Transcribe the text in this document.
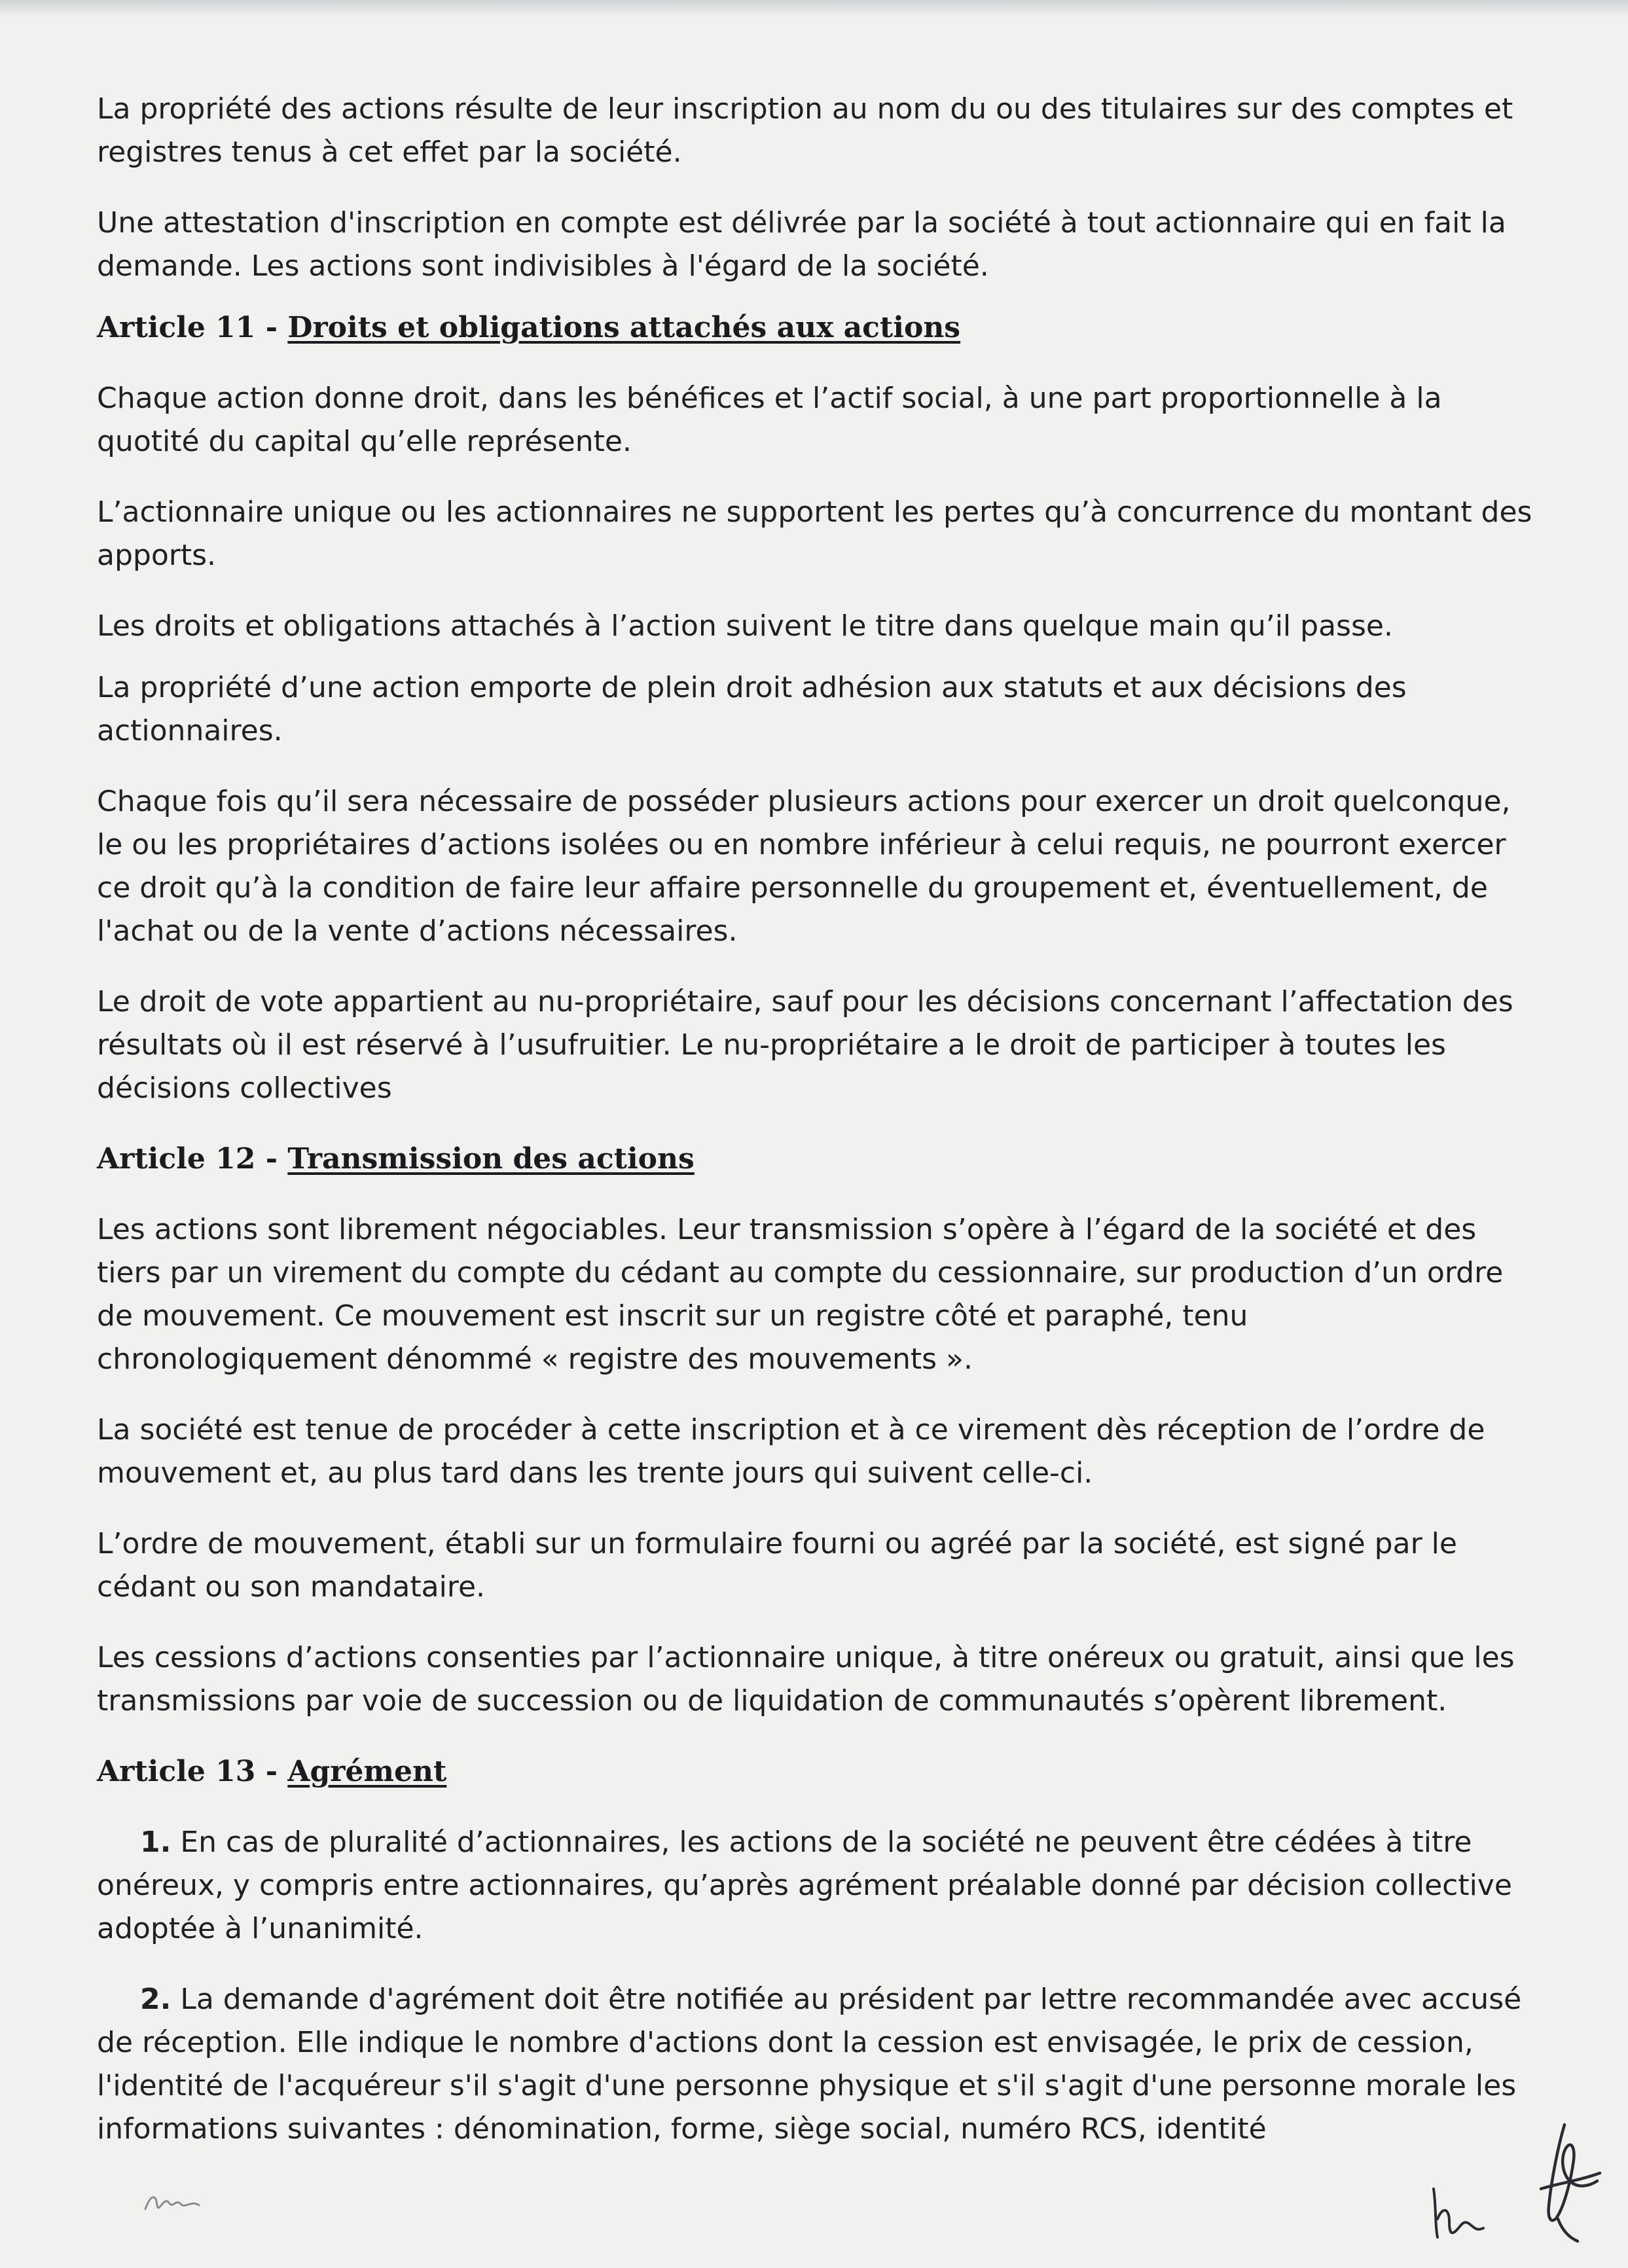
La propriété des actions résulte de leur inscription au nom du ou des titulaires sur des comptes et registres tenus à cet effet par la société.

Une attestation d'inscription en compte est délivrée par la société à tout actionnaire qui en fait la demande. Les actions sont indivisibles à l'égard de la société.

Article 11 - Droits et obligations attachés aux actions

Chaque action donne droit, dans les bénéfices et l’actif social, à une part proportionnelle à la quotité du capital qu’elle représente.

L’actionnaire unique ou les actionnaires ne supportent les pertes qu’à concurrence du montant des apports.

Les droits et obligations attachés à l’action suivent le titre dans quelque main qu’il passe.

La propriété d’une action emporte de plein droit adhésion aux statuts et aux décisions des actionnaires.

Chaque fois qu’il sera nécessaire de posséder plusieurs actions pour exercer un droit quelconque, le ou les propriétaires d’actions isolées ou en nombre inférieur à celui requis, ne pourront exercer ce droit qu’à la condition de faire leur affaire personnelle du groupement et, éventuellement, de l'achat ou de la vente d’actions nécessaires.

Le droit de vote appartient au nu-propriétaire, sauf pour les décisions concernant l’affectation des résultats où il est réservé à l’usufruitier. Le nu-propriétaire a le droit de participer à toutes les décisions collectives

Article 12 - Transmission des actions

Les actions sont librement négociables. Leur transmission s’opère à l’égard de la société et des tiers par un virement du compte du cédant au compte du cessionnaire, sur production d’un ordre de mouvement. Ce mouvement est inscrit sur un registre côté et paraphé, tenu chronologiquement dénommé « registre des mouvements ».

La société est tenue de procéder à cette inscription et à ce virement dès réception de l’ordre de mouvement et, au plus tard dans les trente jours qui suivent celle-ci.

L’ordre de mouvement, établi sur un formulaire fourni ou agréé par la société, est signé par le cédant ou son mandataire.

Les cessions d’actions consenties par l’actionnaire unique, à titre onéreux ou gratuit, ainsi que les transmissions par voie de succession ou de liquidation de communautés s’opèrent librement.

Article 13 - Agrément

1. En cas de pluralité d’actionnaires, les actions de la société ne peuvent être cédées à titre onéreux, y compris entre actionnaires, qu’après agrément préalable donné par décision collective adoptée à l’unanimité.

2. La demande d'agrément doit être notifiée au président par lettre recommandée avec accusé de réception. Elle indique le nombre d'actions dont la cession est envisagée, le prix de cession, l'identité de l'acquéreur s'il s'agit d'une personne physique et s'il s'agit d'une personne morale les informations suivantes : dénomination, forme, siège social, numéro RCS, identité
